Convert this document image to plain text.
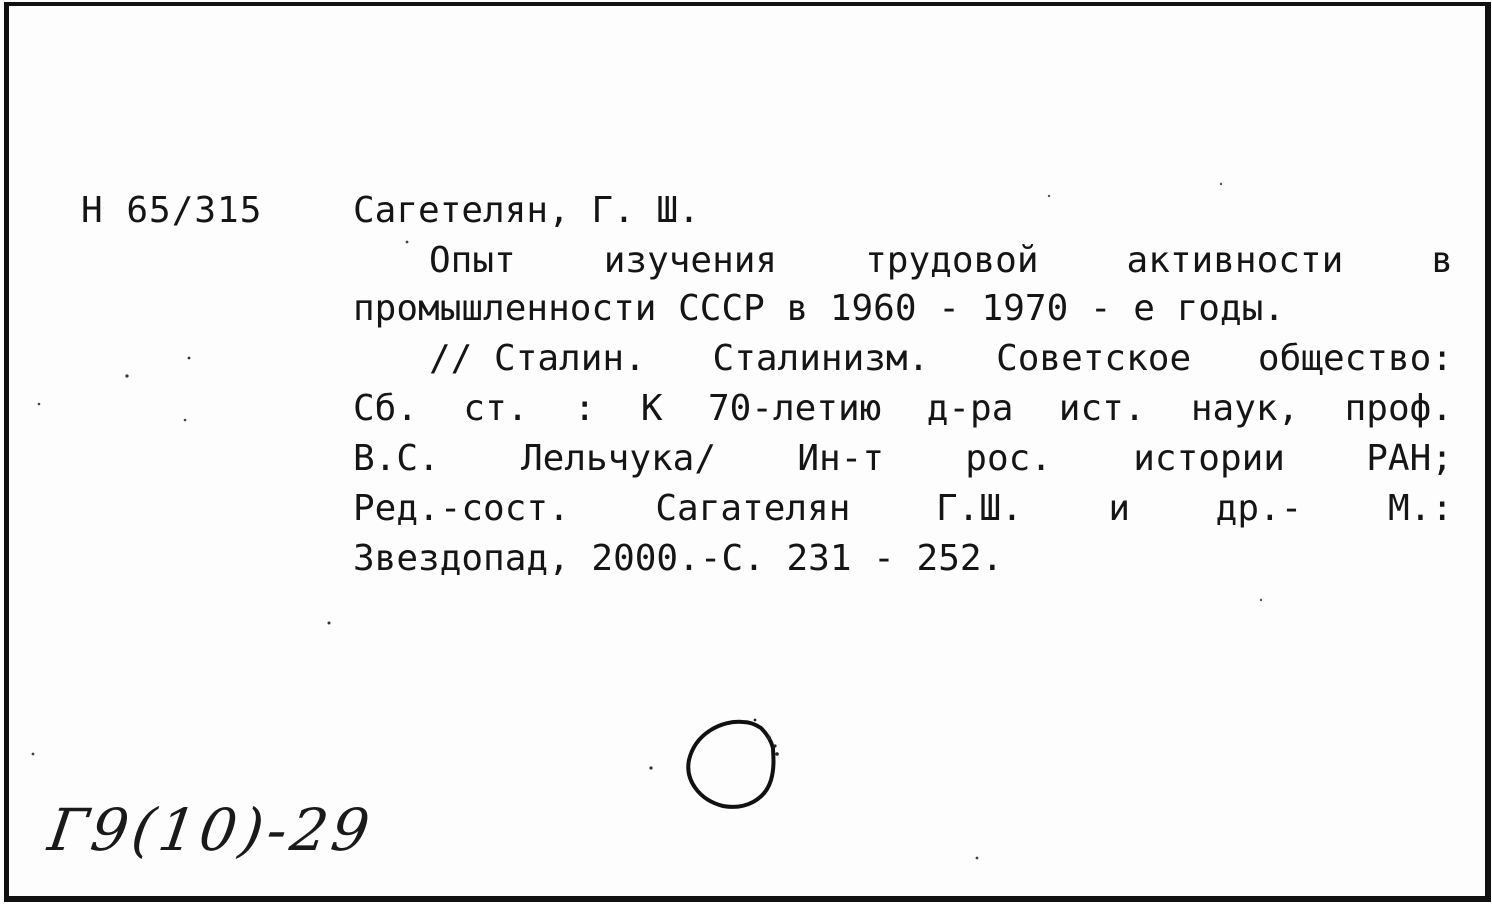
Н 65/315	Сагетелян, Г. Ш.
Опыт изучения трудовой активности в
промышленности СССР в 1960 - 1970 - е годы.
// Сталин. Сталинизм. Советское общество:
Сб. ст. : К 70-летию д-ра ист. наук, проф.
В.С. Лельчука/ Ин-т рос. истории РАН;
Ред.-сост. Сагателян Г.Ш. и др.- М.:
Звездопад, 2000.-С. 231 - 252.
Г9(10)-29
